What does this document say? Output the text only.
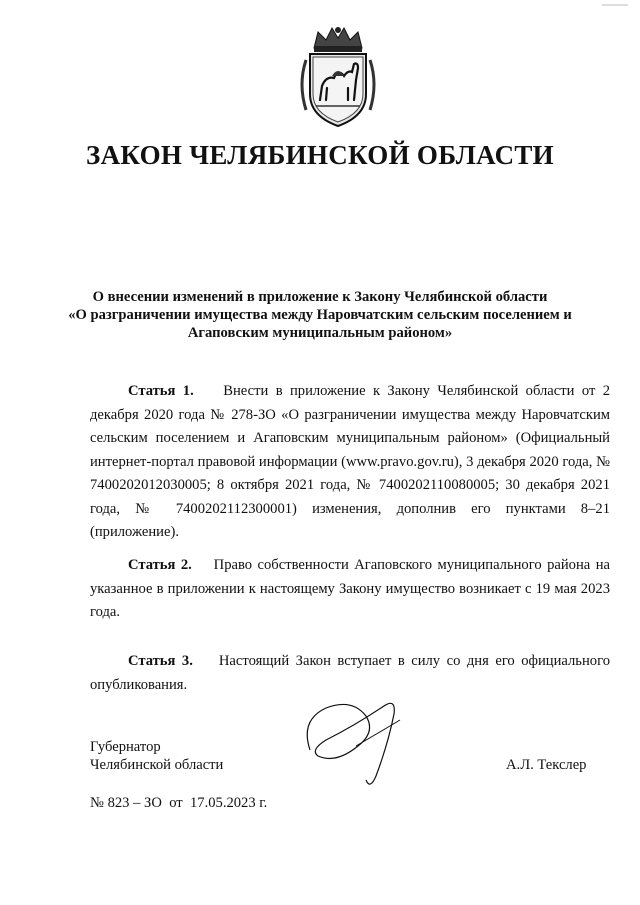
ЗАКОН ЧЕЛЯБИНСКОЙ ОБЛАСТИ
О внесении изменений в приложение к Закону Челябинской области
«О разграничении имущества между Наровчатским сельским поселением и
Агаповским муниципальным районом»
Статья 1. Внести в приложение к Закону Челябинской области от 2 декабря 2020 года № 278-ЗО «О разграничении имущества между Наровчатским сельским поселением и Агаповским муниципальным районом» (Официальный интернет-портал правовой информации (www.pravo.gov.ru), 3 декабря 2020 года, № 7400202012030005; 8 октября 2021 года, № 7400202110080005; 30 декабря 2021 года, № 7400202112300001) изменения, дополнив его пунктами 8–21 (приложение).
Статья 2. Право собственности Агаповского муниципального района на указанное в приложении к настоящему Закону имущество возникает с 19 мая 2023 года.
Статья 3. Настоящий Закон вступает в силу со дня его официального опубликования.
Губернатор
Челябинской области	А.Л. Текслер
№ 823 – ЗО  от  17.05.2023 г.
